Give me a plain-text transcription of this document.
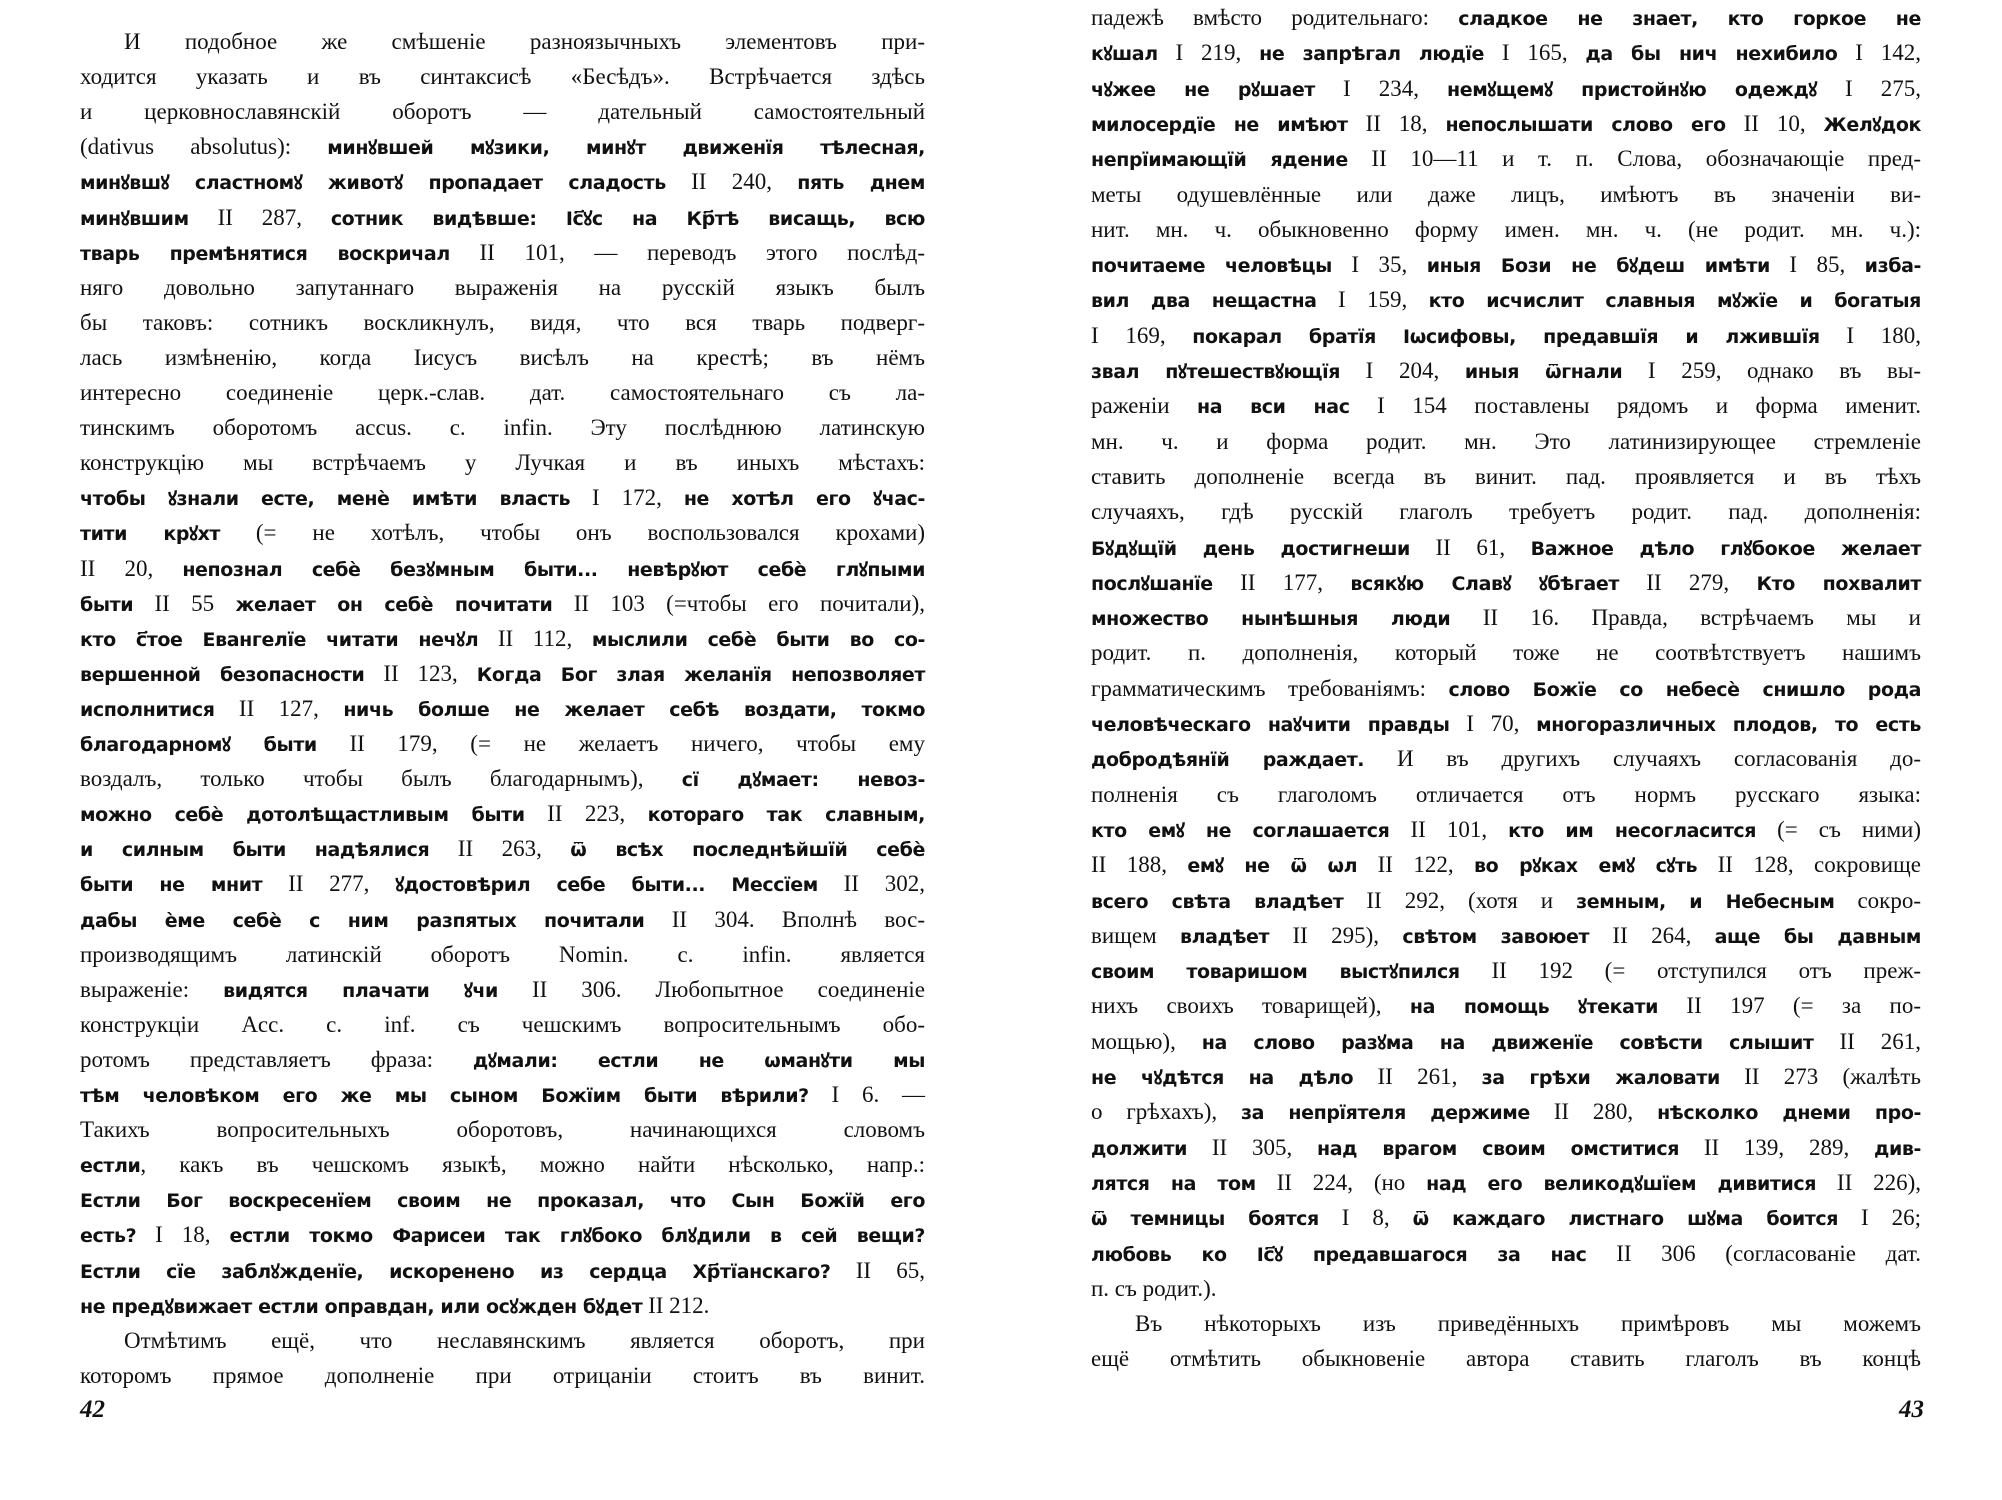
И подобное же смѣшеніе разноязычныхъ элементовъ при-
ходится указать и въ синтаксисѣ «Бесѣдъ». Встрѣчается здѣсь
и церковнославянскій оборотъ — дательный самостоятельный
(dativus absolutus): минꙋвшей мꙋзики, минꙋт движенїя тѣлесная,
минꙋвшꙋ сластномꙋ животꙋ пропадает сладость II 240, пять днем
минꙋвшим II 287, сотник видѣвше: Іс҃ꙋс на Кр҃тѣ висащь, всю
тварь премѣнятися воскричал II 101, — переводъ этого послѣд-
няго довольно запутаннаго выраженія на русскій языкъ былъ
бы таковъ: сотникъ воскликнулъ, видя, что вся тварь подверг-
лась измѣненію, когда Іисусъ висѣлъ на крестѣ; въ нёмъ
интересно соединеніе церк.-слав. дат. самостоятельнаго съ ла-
тинскимъ оборотомъ accus. c. infin. Эту послѣднюю латинскую
конструкцію мы встрѣчаемъ у Лучкая и въ иныхъ мѣстахъ:
чтобы ꙋзнали есте, менѐ имѣти власть I 172, не хотѣл его ꙋчас-
тити крꙋхт (= не хотѣлъ, чтобы онъ воспользовался крохами)
II 20, непознал себѐ безꙋмным быти... невѣрꙋют себѐ глꙋпыми
быти II 55 желает он себѐ почитати II 103 (=чтобы его почитали),
кто с҃тое Евангелїе читати нечꙋл II 112, мыслили себѐ быти во со-
вершенной безопасности II 123, Когда Бог злая желанїя непозволяет
исполнитися II 127, ничь болше не желает себѣ воздати, токмо
благодарномꙋ быти II 179, (= не желаетъ ничего, чтобы ему
воздалъ, только чтобы былъ благодарнымъ), сї дꙋмает: невоз-
можно себѐ дотолѣщастливым быти II 223, котораго так славным,
и силным быти надѣялися II 263, ѿ всѣх последнѣйшїй себѐ
быти не мнит II 277, ꙋдостовѣрил себе быти... Мессїем II 302,
дабы ѐме себѐ с ним разпятых почитали II 304. Вполнѣ вос-
производящимъ латинскій оборотъ Nomin. c. infin. является
выраженіе: видятся плачати ꙋчи II 306. Любопытное соединеніе
конструкціи Acc. c. inf. съ чешскимъ вопросительнымъ обо-
ротомъ представляетъ фраза: дꙋмали: естли не ѡманꙋти мы
тѣм человѣком его же мы сыном Божїим быти вѣрили? I 6. —
Такихъ вопросительныхъ оборотовъ, начинающихся словомъ
естли, какъ въ чешскомъ языкѣ, можно найти нѣсколько, напр.:
Естли Бог воскресенїем своим не проказал, что Сын Божїй его
есть? I 18, естли токмо Фарисеи так глꙋбоко блꙋдили в сей вещи?
Естли сїе заблꙋжденїе, искоренено из сердца Хр҃тїанскаго? II 65,
не предꙋвижает естли оправдан, или осꙋжден бꙋдет II 212.
Отмѣтимъ ещё, что неславянскимъ является оборотъ, при
которомъ прямое дополненіе при отрицаніи стоитъ въ винит.
42
падежѣ вмѣсто родительнаго: сладкое не знает, кто горкое не
кꙋшал I 219, не запрѣгал людїе I 165, да бы нич нехибило I 142,
чꙋжее не рꙋшает I 234, немꙋщемꙋ пристойнꙋю одеждꙋ I 275,
милосердїе не имѣют II 18, непослышати слово его II 10, Желꙋдок
непрїимающїй ядение II 10—11 и т. п. Слова, обозначающіе пред-
меты одушевлённые или даже лицъ, имѣютъ въ значеніи ви-
нит. мн. ч. обыкновенно форму имен. мн. ч. (не родит. мн. ч.):
почитаеме человѣцы I 35, иныя Бози не бꙋдеш имѣти I 85, изба-
вил два нещастна I 159, кто исчислит славныя мꙋжїе и богатыя
I 169, покарал братїя Іѡсифовы, предавшїя и лжившїя I 180,
звал пꙋтешествꙋющїя I 204, иныя ѿгнали I 259, однако въ вы-
раженіи на вси нас I 154 поставлены рядомъ и форма именит.
мн. ч. и форма родит. мн. Это латинизирующее стремленіе
ставить дополненіе всегда въ винит. пад. проявляется и въ тѣхъ
случаяхъ, гдѣ русскій глаголъ требуетъ родит. пад. дополненія:
Бꙋдꙋщїй день достигнеши II 61, Важное дѣло глꙋбокое желает
послꙋшанїе II 177, всякꙋю Славꙋ ꙋбѣгает II 279, Кто похвалит
множество нынѣшныя люди II 16. Правда, встрѣчаемъ мы и
родит. п. дополненія, который тоже не соотвѣтствуетъ нашимъ
грамматическимъ требованіямъ: слово Божїе со небесѐ снишло рода
человѣческаго наꙋчити правды I 70, многоразличных плодов, то есть
добродѣянїй раждает. И въ другихъ случаяхъ согласованія до-
полненія съ глаголомъ отличается отъ нормъ русскаго языка:
кто емꙋ не соглашается II 101, кто им несогласится (= съ ними)
II 188, емꙋ не ѿ ѡл II 122, во рꙋках емꙋ сꙋть II 128, сокровище
всего свѣта владѣет II 292, (хотя и земным, и Небесным сокро-
вищем владѣет II 295), свѣтом завоюет II 264, аще бы давным
своим товаришом выстꙋпился II 192 (= отступился отъ преж-
нихъ своихъ товарищей), на помощь ꙋтекати II 197 (= за по-
мощью), на слово разꙋма на движенїе совѣсти слышит II 261,
не чꙋдѣтся на дѣло II 261, за грѣхи жаловати II 273 (жалѣть
о грѣхахъ), за непрїятеля держиме II 280, нѣсколко днеми про-
должити II 305, над врагом своим омститися II 139, 289, див-
лятся на том II 224, (но над его великодꙋшїем дивитися II 226),
ѿ темницы боятся I 8, ѿ каждаго листнаго шꙋма боится I 26;
любовь ко Іс҃ꙋ предавшагося за нас II 306 (согласованіе дат.
п. съ родит.).
Въ нѣкоторыхъ изъ приведённыхъ примѣровъ мы можемъ
ещё отмѣтить обыкновеніе автора ставить глаголъ въ концѣ
43
